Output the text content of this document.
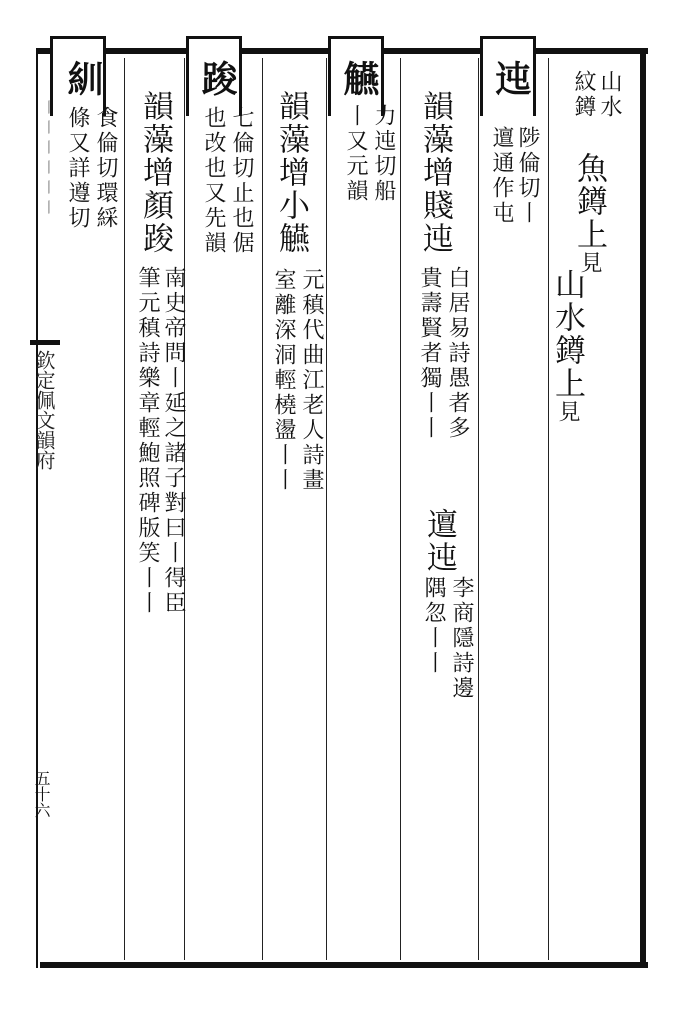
丨丨丨丨丨丨
欽定佩文韻府
五十六
山水
紋鐏
魚鐏上見
山水鐏上見
迍
陟倫切丨
邅通作屯
韻藻增賤迍
白居易詩愚者多
貴壽賢者獨丨丨
邅迍
李商隱詩邊
隅忽丨丨
觾
力迍切船
丨又元韻
韻藻增小觾
元稹代曲江老人詩畫
室離深洞輕橈盪丨丨
踆
七倫切止也倨
也改也又先韻
韻藻增顏踆
南史帝問丨延之諸子對曰丨得臣
筆元稹詩樂章輕鮑照碑版笑丨丨
紃
食倫切環綵
條又詳遵切
